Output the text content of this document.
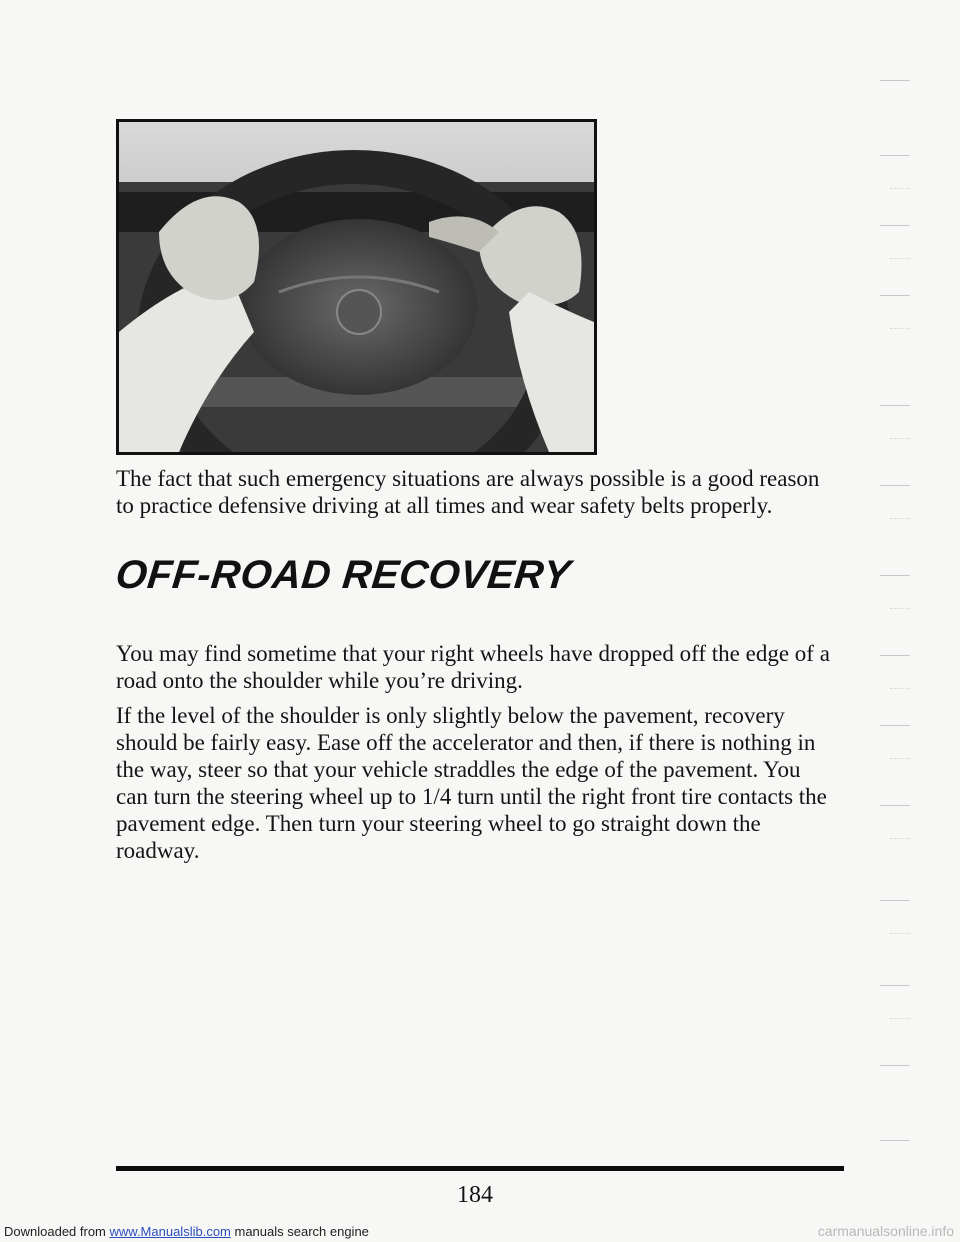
The fact that such emergency situations are always possible is a good reason to practice defensive driving at all times and wear safety belts properly.

OFF-ROAD RECOVERY

You may find sometime that your right wheels have dropped off the edge of a road onto the shoulder while you’re driving.

If the level of the shoulder is only slightly below the pavement, recovery should be fairly easy. Ease off the accelerator and then, if there is nothing in the way, steer so that your vehicle straddles the edge of the pavement. You can turn the steering wheel up to 1/4 turn until the right front tire contacts the pavement edge. Then turn your steering wheel to go straight down the roadway.

184
Downloaded from www.Manualslib.com manuals search engine	carmanualsonline.info
